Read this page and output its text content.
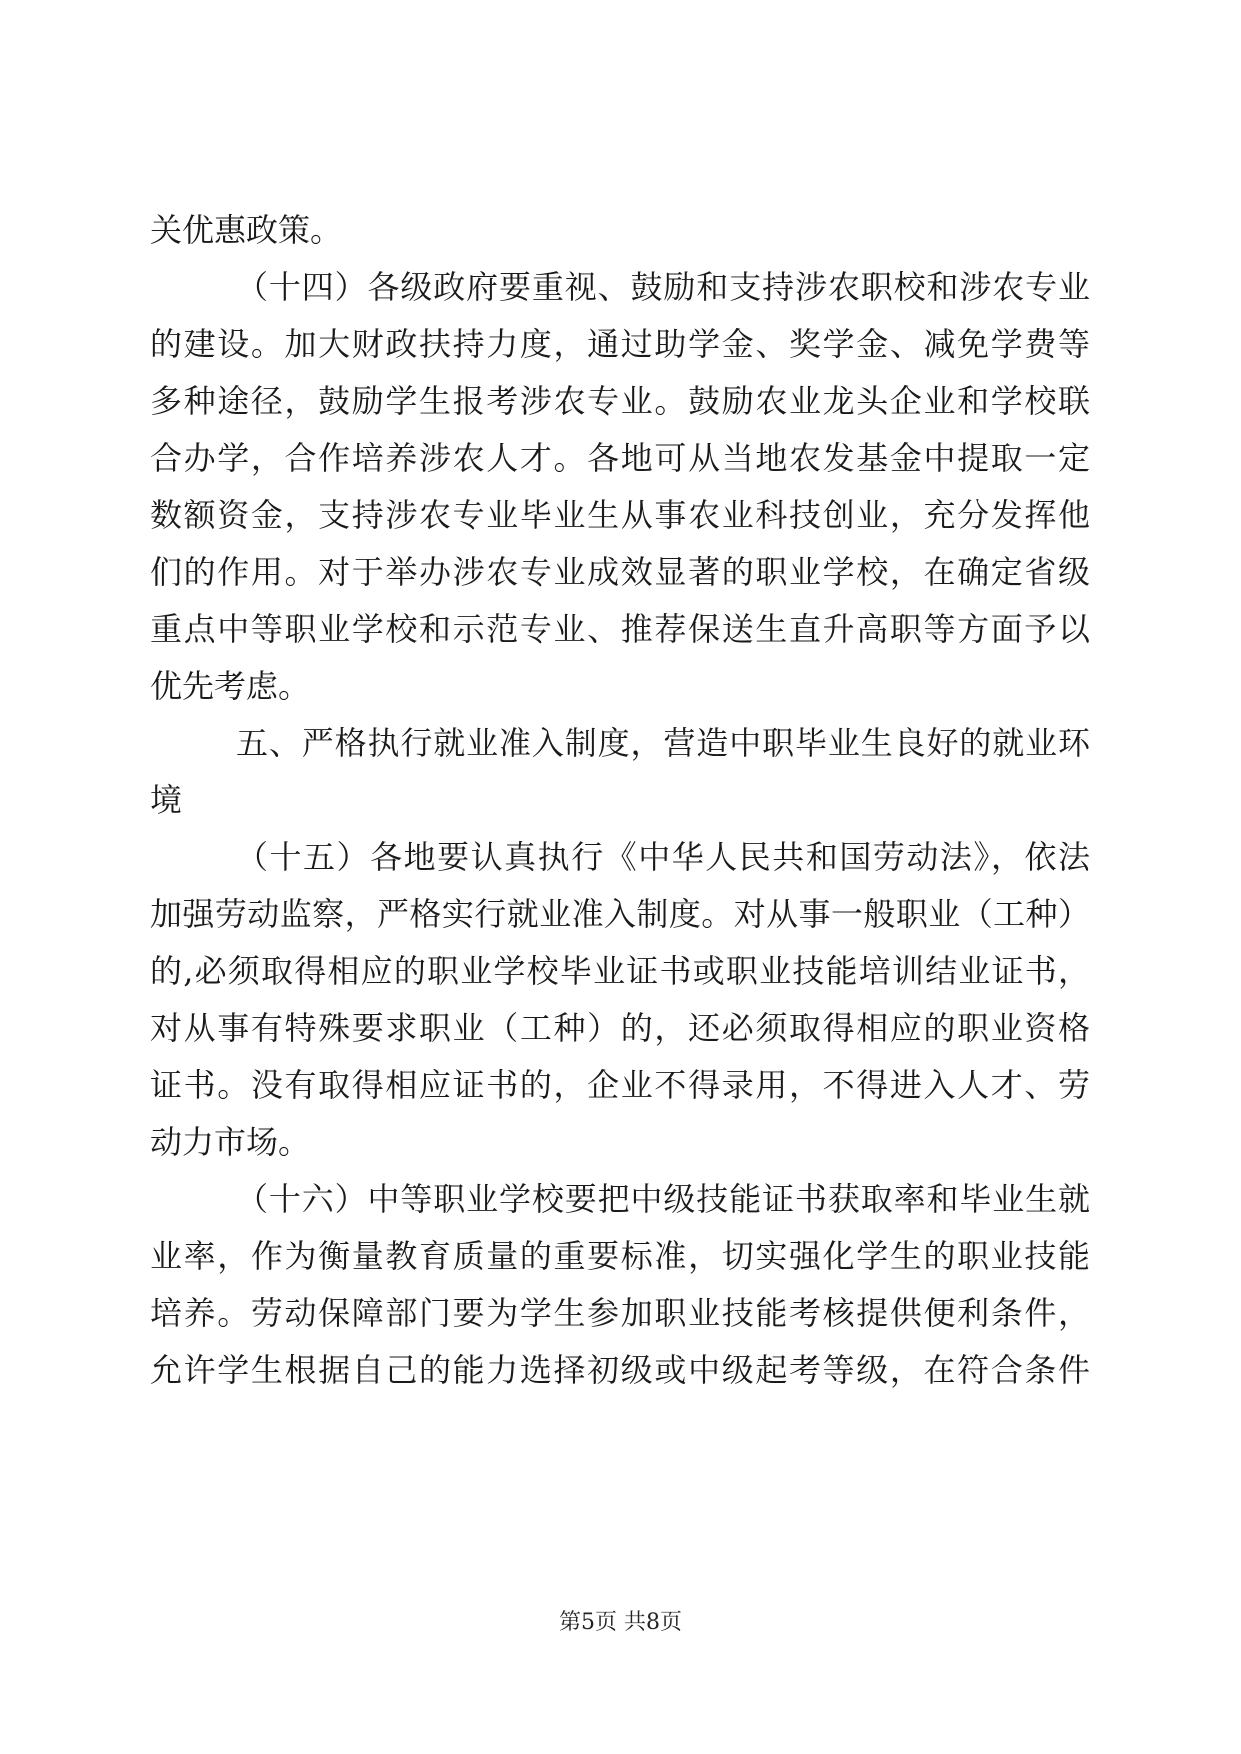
关优惠政策。
（十四）各级政府要重视、鼓励和支持涉农职校和涉农专业
的建设。加大财政扶持力度，通过助学金、奖学金、减免学费等
多种途径，鼓励学生报考涉农专业。鼓励农业龙头企业和学校联
合办学，合作培养涉农人才。各地可从当地农发基金中提取一定
数额资金，支持涉农专业毕业生从事农业科技创业，充分发挥他
们的作用。对于举办涉农专业成效显著的职业学校，在确定省级
重点中等职业学校和示范专业、推荐保送生直升高职等方面予以
优先考虑。
五、严格执行就业准入制度，营造中职毕业生良好的就业环
境
（十五）各地要认真执行《中华人民共和国劳动法》，依法
加强劳动监察，严格实行就业准入制度。对从事一般职业（工种）
的,必须取得相应的职业学校毕业证书或职业技能培训结业证书，
对从事有特殊要求职业（工种）的，还必须取得相应的职业资格
证书。没有取得相应证书的，企业不得录用，不得进入人才、劳
动力市场。
（十六）中等职业学校要把中级技能证书获取率和毕业生就
业率，作为衡量教育质量的重要标准，切实强化学生的职业技能
培养。劳动保障部门要为学生参加职业技能考核提供便利条件，
允许学生根据自己的能力选择初级或中级起考等级，在符合条件
第5页 共8页
